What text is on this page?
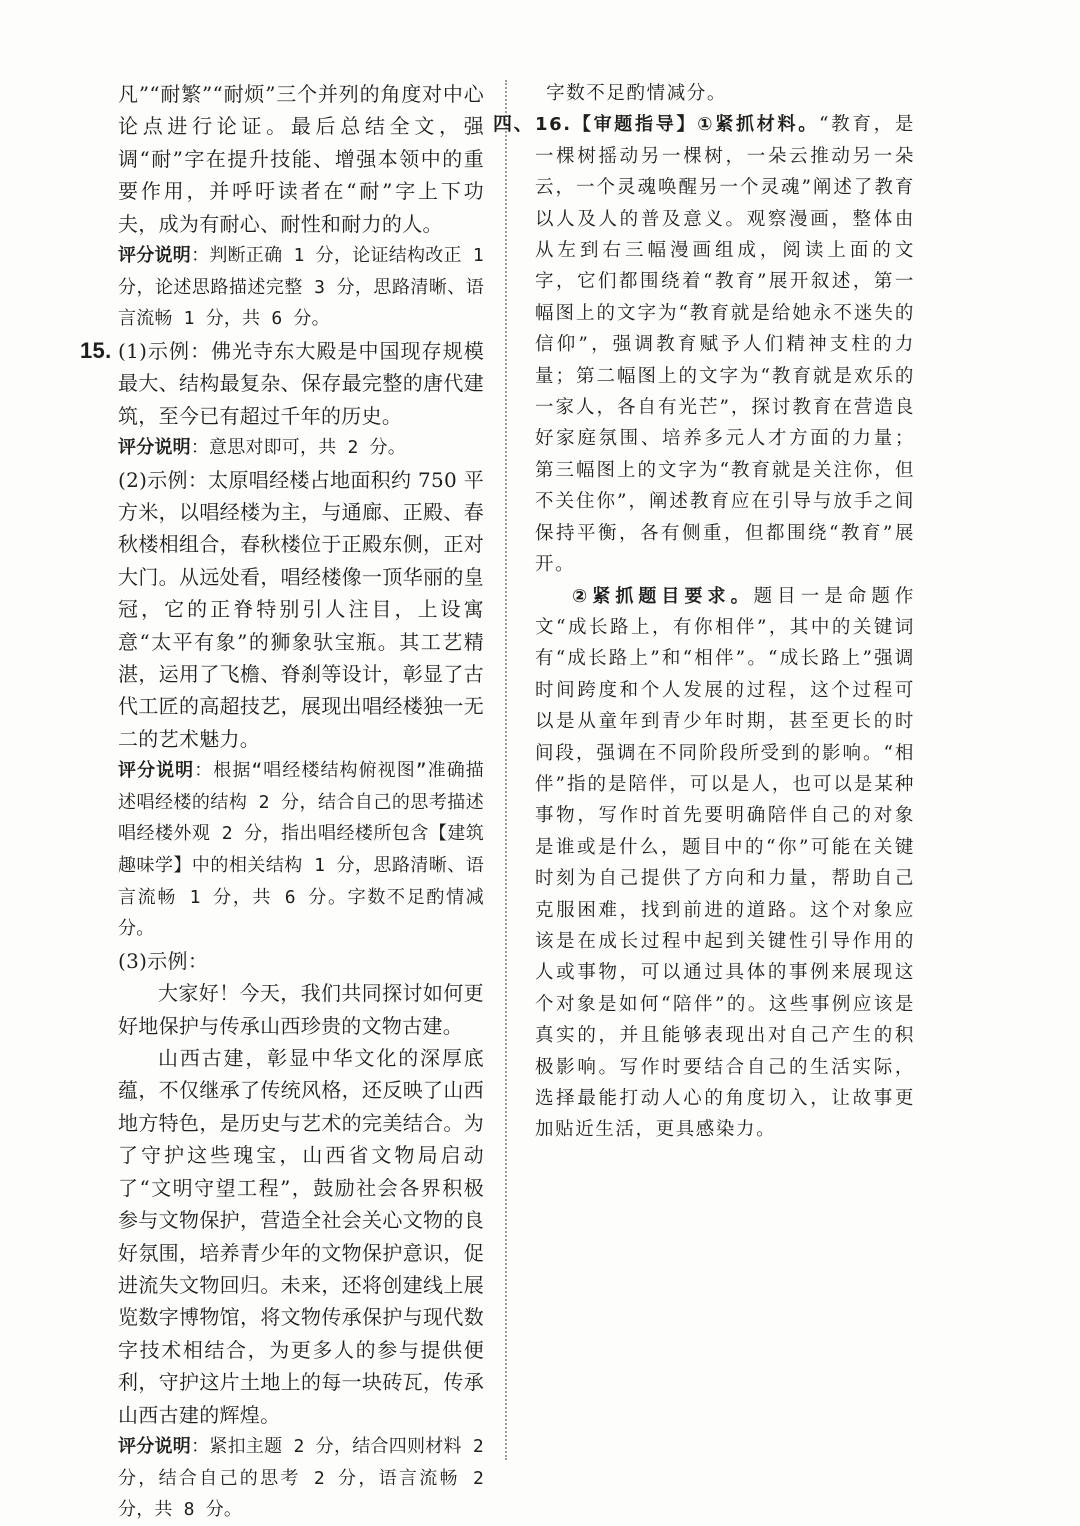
凡”“耐繁”“耐烦”三个并列的角度对中心论点进行论证。最后总结全文，强调“耐”字在提升技能、增强本领中的重要作用，并呼吁读者在“耐”字上下功夫，成为有耐心、耐性和耐力的人。

评分说明：判断正确 1 分，论证结构改正 1 分，论述思路描述完整 3 分，思路清晰、语言流畅 1 分，共 6 分。

15. (1)示例：佛光寺东大殿是中国现存规模最大、结构最复杂、保存最完整的唐代建筑，至今已有超过千年的历史。

评分说明：意思对即可，共 2 分。

(2)示例：太原唱经楼占地面积约 750 平方米，以唱经楼为主，与通廊、正殿、春秋楼相组合，春秋楼位于正殿东侧，正对大门。从远处看，唱经楼像一顶华丽的皇冠，它的正脊特别引人注目，上设寓意“太平有象”的狮象驮宝瓶。其工艺精湛，运用了飞檐、脊刹等设计，彰显了古代工匠的高超技艺，展现出唱经楼独一无二的艺术魅力。

评分说明：根据“唱经楼结构俯视图”准确描述唱经楼的结构 2 分，结合自己的思考描述唱经楼外观 2 分，指出唱经楼所包含【建筑趣味学】中的相关结构 1 分，思路清晰、语言流畅 1 分，共 6 分。字数不足酌情减分。

(3)示例：

大家好！今天，我们共同探讨如何更好地保护与传承山西珍贵的文物古建。

山西古建，彰显中华文化的深厚底蕴，不仅继承了传统风格，还反映了山西地方特色，是历史与艺术的完美结合。为了守护这些瑰宝，山西省文物局启动了“文明守望工程”，鼓励社会各界积极参与文物保护，营造全社会关心文物的良好氛围，培养青少年的文物保护意识，促进流失文物回归。未来，还将创建线上展览数字博物馆，将文物传承保护与现代数字技术相结合，为更多人的参与提供便利，守护这片土地上的每一块砖瓦，传承山西古建的辉煌。

评分说明：紧扣主题 2 分，结合四则材料 2 分，结合自己的思考 2 分，语言流畅 2 分，共 8 分。

字数不足酌情减分。

四、 16.【审题指导】①紧抓材料。“教育，是一棵树摇动另一棵树，一朵云推动另一朵云，一个灵魂唤醒另一个灵魂”阐述了教育以人及人的普及意义。观察漫画，整体由从左到右三幅漫画组成，阅读上面的文字，它们都围绕着“教育”展开叙述，第一幅图上的文字为“教育就是给她永不迷失的信仰”，强调教育赋予人们精神支柱的力量；第二幅图上的文字为“教育就是欢乐的一家人，各自有光芒”，探讨教育在营造良好家庭氛围、培养多元人才方面的力量；第三幅图上的文字为“教育就是关注你，但不关住你”，阐述教育应在引导与放手之间保持平衡，各有侧重，但都围绕“教育”展开。

②紧抓题目要求。题目一是命题作文“成长路上，有你相伴”，其中的关键词有“成长路上”和“相伴”。“成长路上”强调时间跨度和个人发展的过程，这个过程可以是从童年到青少年时期，甚至更长的时间段，强调在不同阶段所受到的影响。“相伴”指的是陪伴，可以是人，也可以是某种事物，写作时首先要明确陪伴自己的对象是谁或是什么，题目中的“你”可能在关键时刻为自己提供了方向和力量，帮助自己克服困难，找到前进的道路。这个对象应该是在成长过程中起到关键性引导作用的人或事物，可以通过具体的事例来展现这个对象是如何“陪伴”的。这些事例应该是真实的，并且能够表现出对自己产生的积极影响。写作时要结合自己的生活实际，选择最能打动人心的角度切入，让故事更加贴近生活，更具感染力。
